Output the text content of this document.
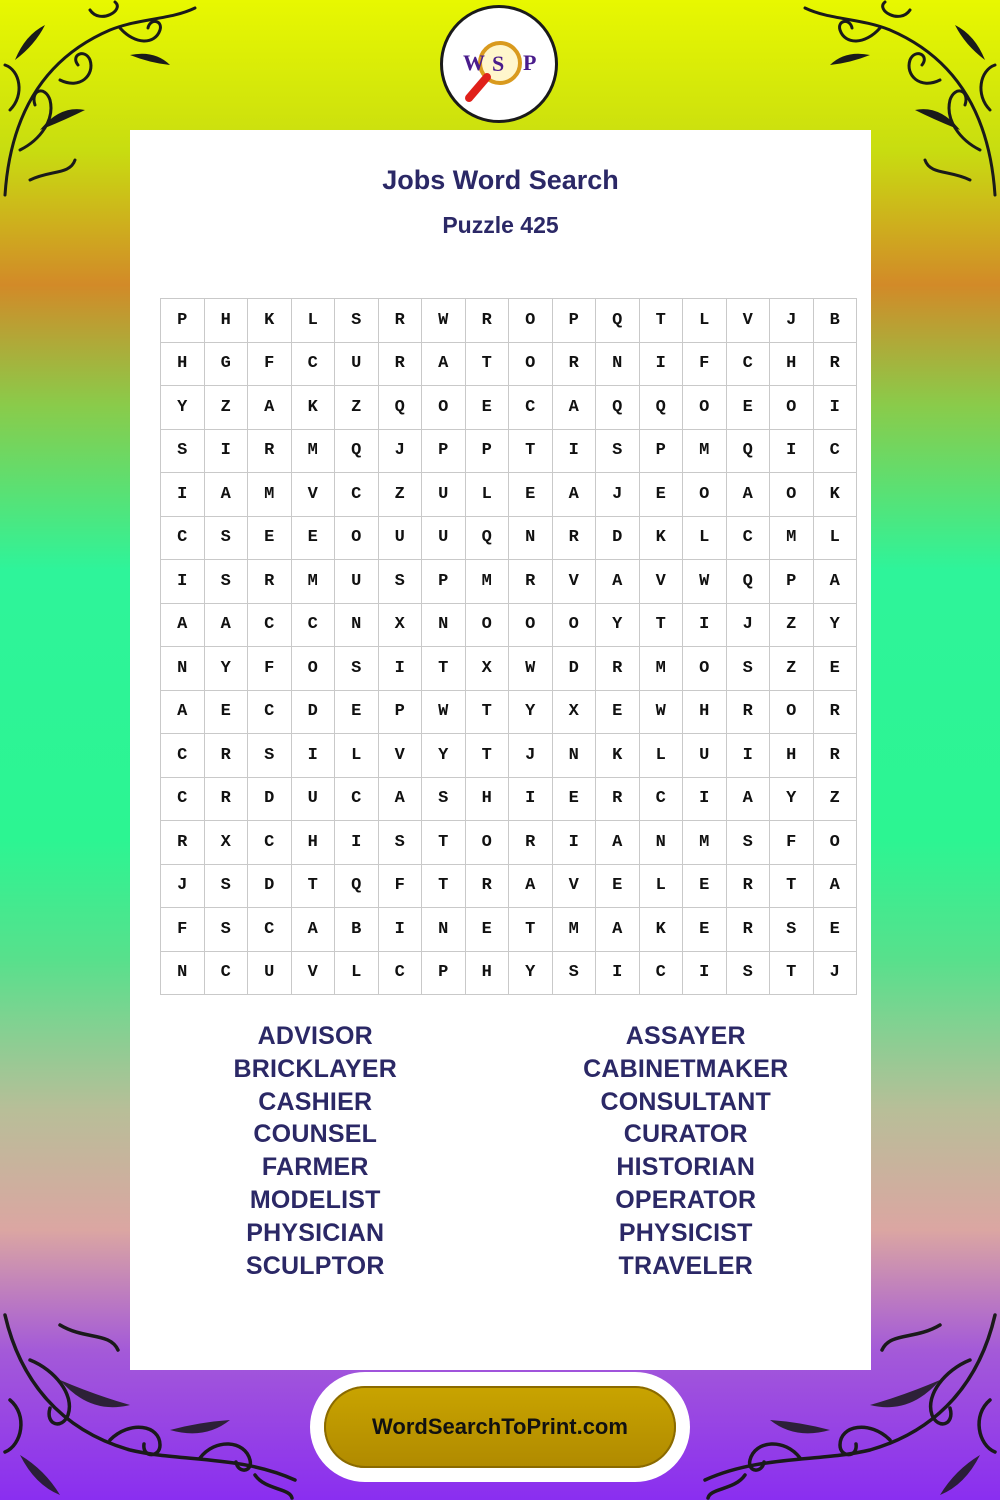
W S P
Jobs Word Search
Puzzle 425
P	H	K	L	S	R	W	R	O	P	Q	T	L	V	J	B
H	G	F	C	U	R	A	T	O	R	N	I	F	C	H	R
Y	Z	A	K	Z	Q	O	E	C	A	Q	Q	O	E	O	I
S	I	R	M	Q	J	P	P	T	I	S	P	M	Q	I	C
I	A	M	V	C	Z	U	L	E	A	J	E	O	A	O	K
C	S	E	E	O	U	U	Q	N	R	D	K	L	C	M	L
I	S	R	M	U	S	P	M	R	V	A	V	W	Q	P	A
A	A	C	C	N	X	N	O	O	O	Y	T	I	J	Z	Y
N	Y	F	O	S	I	T	X	W	D	R	M	O	S	Z	E
A	E	C	D	E	P	W	T	Y	X	E	W	H	R	O	R
C	R	S	I	L	V	Y	T	J	N	K	L	U	I	H	R
C	R	D	U	C	A	S	H	I	E	R	C	I	A	Y	Z
R	X	C	H	I	S	T	O	R	I	A	N	M	S	F	O
J	S	D	T	Q	F	T	R	A	V	E	L	E	R	T	A
F	S	C	A	B	I	N	E	T	M	A	K	E	R	S	E
N	C	U	V	L	C	P	H	Y	S	I	C	I	S	T	J
ADVISOR
BRICKLAYER
CASHIER
COUNSEL
FARMER
MODELIST
PHYSICIAN
SCULPTOR
ASSAYER
CABINETMAKER
CONSULTANT
CURATOR
HISTORIAN
OPERATOR
PHYSICIST
TRAVELER
WordSearchToPrint.com
